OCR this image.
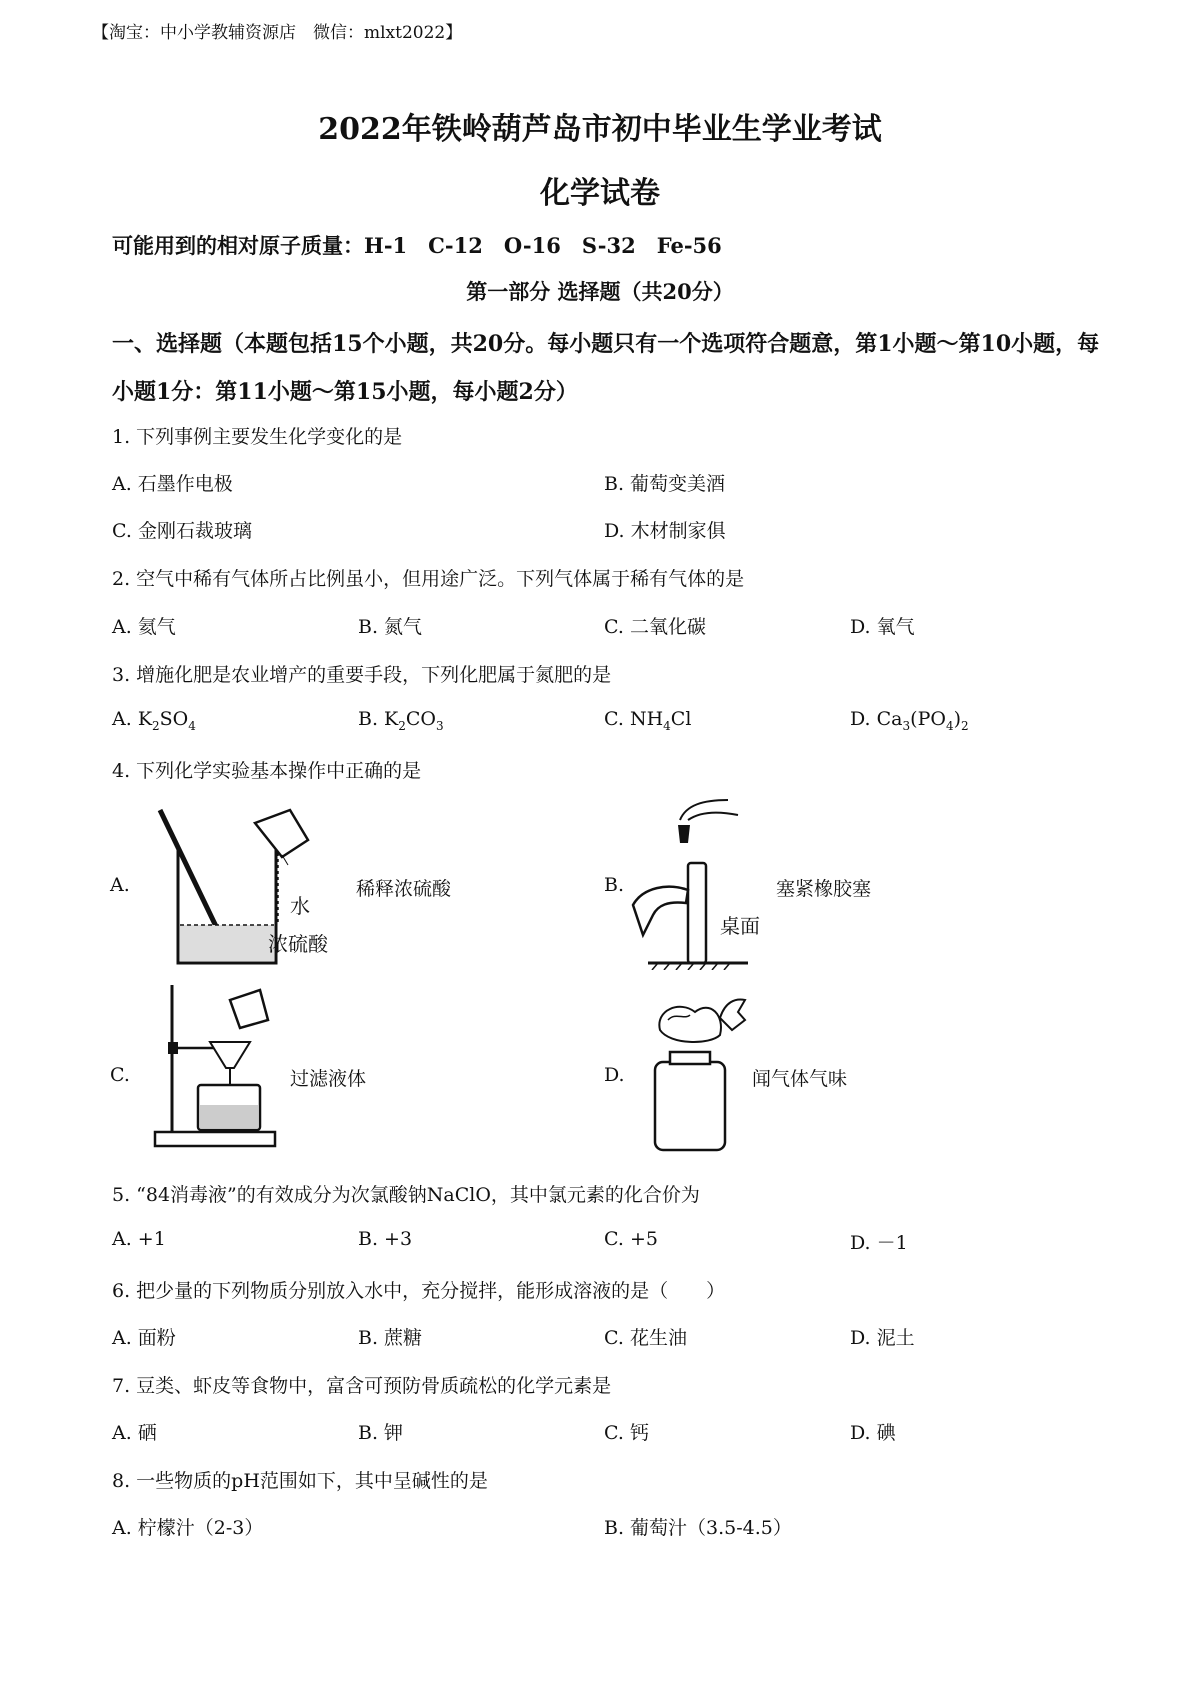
【淘宝：中小学教辅资源店　微信：mlxt2022】
2022年铁岭葫芦岛市初中毕业生学业考试
化学试卷
可能用到的相对原子质量：H-1　C-12　O-16　S-32　Fe-56
第一部分 选择题（共20分）
一、选择题（本题包括15个小题，共20分。每小题只有一个选项符合题意，第1小题～第10小题，每小题1分：第11小题～第15小题，每小题2分）
1. 下列事例主要发生化学变化的是
A. 石墨作电极	B. 葡萄变美酒
C. 金刚石裁玻璃	D. 木材制家俱
2. 空气中稀有气体所占比例虽小，但用途广泛。下列气体属于稀有气体的是
A. 氦气	B. 氮气	C. 二氧化碳	D. 氧气
3. 增施化肥是农业增产的重要手段，下列化肥属于氮肥的是
A. $K_2SO_4$	B. $K_2CO_3$	C. $NH_4Cl$	D. $Ca_3(PO_4)_2$
4. 下列化学实验基本操作中正确的是
A.
水
浓硫酸
稀释浓硫酸	B.
桌面
塞紧橡胶塞
C.	过滤液体	D.	闻气体气味
5. “84消毒液”的有效成分为次氯酸钠NaClO，其中氯元素的化合价为
A. +1	B. +3	C. +5	D. －1
6. 把少量的下列物质分别放入水中，充分搅拌，能形成溶液的是（　　）
A. 面粉	B. 蔗糖	C. 花生油	D. 泥土
7. 豆类、虾皮等食物中，富含可预防骨质疏松的化学元素是
A. 硒	B. 钾	C. 钙	D. 碘
8. 一些物质的pH范围如下，其中呈碱性的是
A. 柠檬汁（2-3）	B. 葡萄汁（3.5-4.5）
